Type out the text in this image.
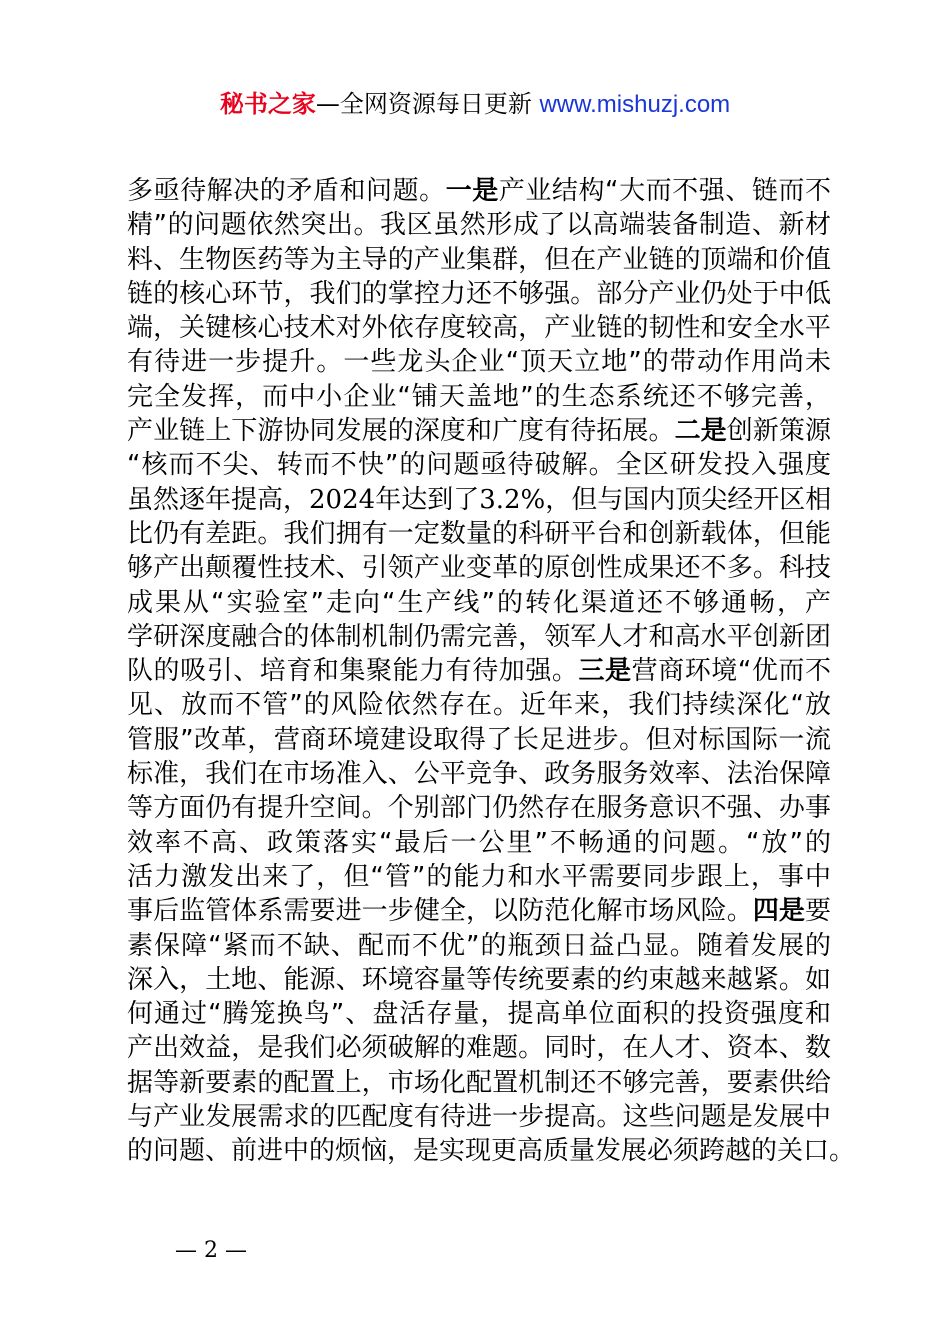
秘书之家—全网资源每日更新 www.mishuzj.com
多亟待解决的矛盾和问题。一是产业结构“大而不强、链而不
精”的问题依然突出。我区虽然形成了以高端装备制造、新材
料、生物医药等为主导的产业集群，但在产业链的顶端和价值
链的核心环节，我们的掌控力还不够强。部分产业仍处于中低
端，关键核心技术对外依存度较高，产业链的韧性和安全水平
有待进一步提升。一些龙头企业“顶天立地”的带动作用尚未
完全发挥，而中小企业“铺天盖地”的生态系统还不够完善，
产业链上下游协同发展的深度和广度有待拓展。二是创新策源
“核而不尖、转而不快”的问题亟待破解。全区研发投入强度
虽然逐年提高，2024年达到了3.2%，但与国内顶尖经开区相
比仍有差距。我们拥有一定数量的科研平台和创新载体，但能
够产出颠覆性技术、引领产业变革的原创性成果还不多。科技
成果从“实验室”走向“生产线”的转化渠道还不够通畅，产
学研深度融合的体制机制仍需完善，领军人才和高水平创新团
队的吸引、培育和集聚能力有待加强。三是营商环境“优而不
见、放而不管”的风险依然存在。近年来，我们持续深化“放
管服”改革，营商环境建设取得了长足进步。但对标国际一流
标准，我们在市场准入、公平竞争、政务服务效率、法治保障
等方面仍有提升空间。个别部门仍然存在服务意识不强、办事
效率不高、政策落实“最后一公里”不畅通的问题。“放”的
活力激发出来了，但“管”的能力和水平需要同步跟上，事中
事后监管体系需要进一步健全，以防范化解市场风险。四是要
素保障“紧而不缺、配而不优”的瓶颈日益凸显。随着发展的
深入，土地、能源、环境容量等传统要素的约束越来越紧。如
何通过“腾笼换鸟”、盘活存量，提高单位面积的投资强度和
产出效益，是我们必须破解的难题。同时，在人才、资本、数
据等新要素的配置上，市场化配置机制还不够完善，要素供给
与产业发展需求的匹配度有待进一步提高。这些问题是发展中
的问题、前进中的烦恼，是实现更高质量发展必须跨越的关口。
— 2 —
